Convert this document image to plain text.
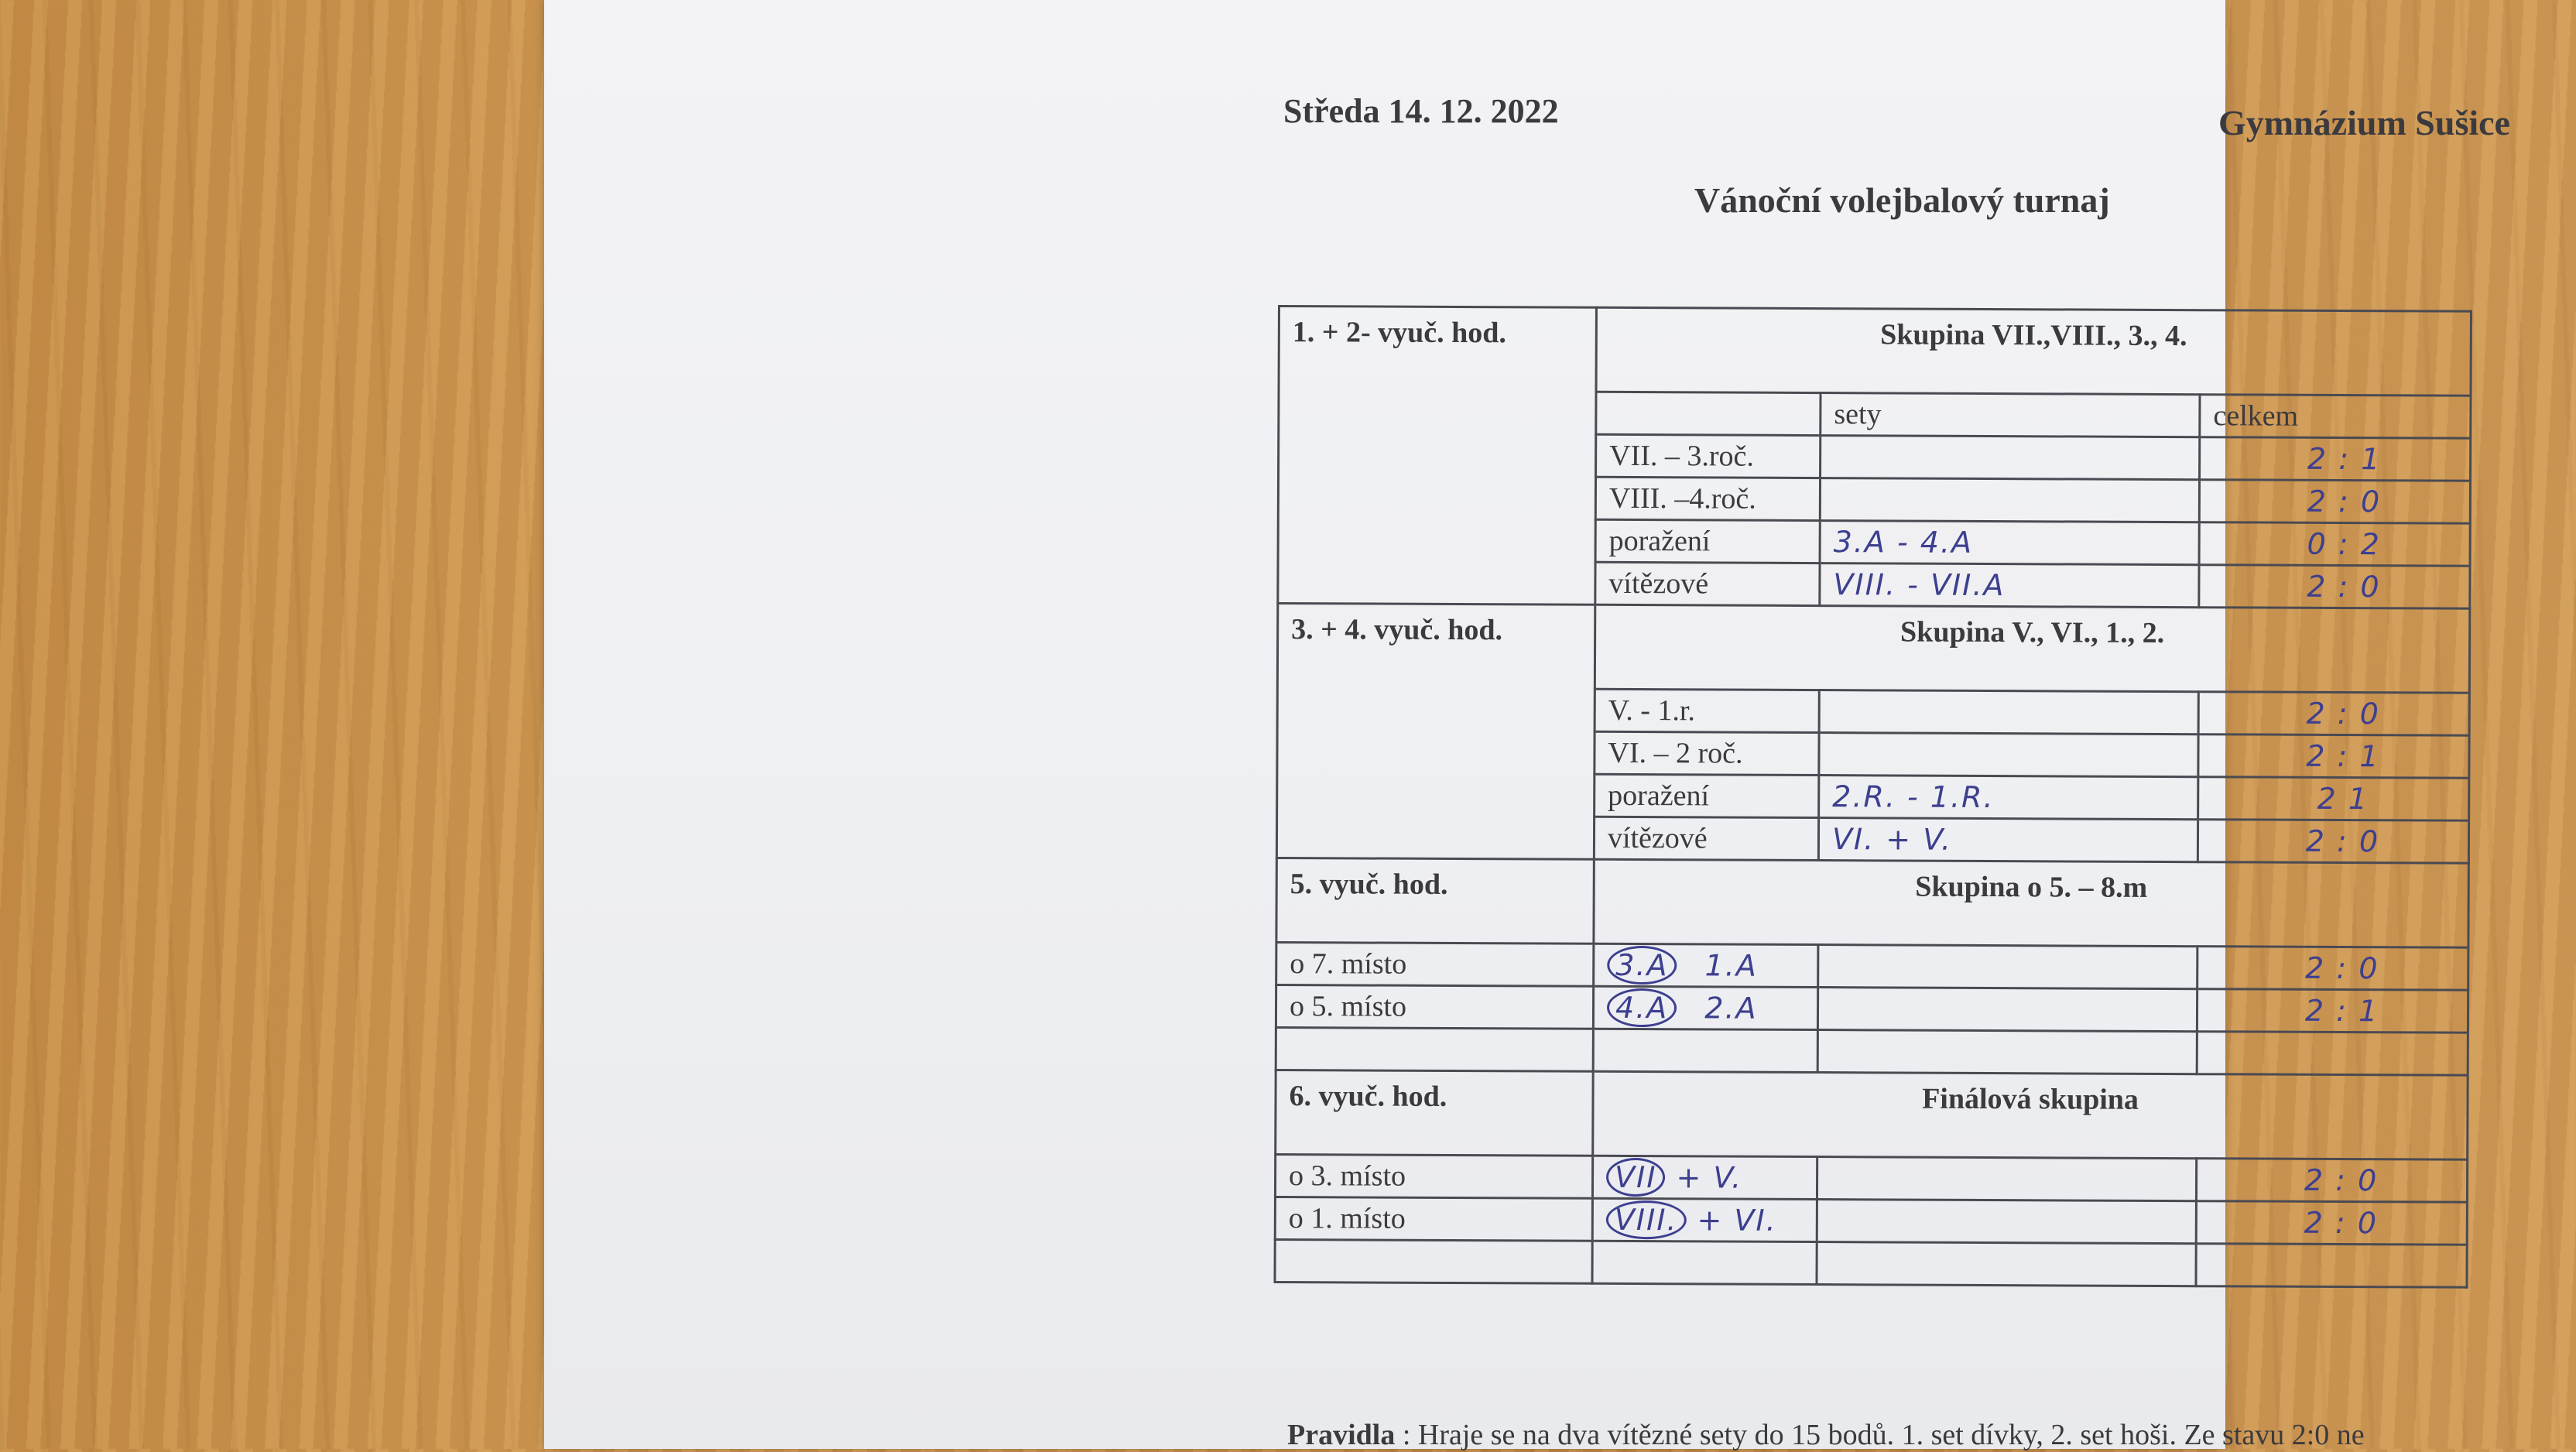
Středa 14. 12. 2022	Gymnázium Sušice
Vánoční volejbalový turnaj
1. + 2- vyuč. hod.	Skupina VII.,VIII., 3., 4.		
		sety	celkem
	VII. – 3.roč.		2 : 1
	VIII. –4.roč.		2 : 0
	poražení	3.A - 4.A	0 : 2
	vítězové	VIII. - VII.A	2 : 0
3. + 4. vyuč. hod.	Skupina V., VI., 1., 2.		
	V. - 1.r.		2 : 0
	VI. – 2 roč.		2 : 1
	poražení	2.R. - 1.R.	2 1
	vítězové	VI. + V.	2 : 0
5. vyuč. hod.	Skupina o 5. – 8.m		
o 7. místo	3.A 1.A		2 : 0
o 5. místo	4.A 2.A		2 : 1

6. vyuč. hod.	Finálová skupina		
o 3. místo	VII + V.		2 : 0
o 1. místo	VIII. + VI.		2 : 0

Pravidla : Hraje se na dva vítězné sety do 15 bodů. 1. set dívky, 2. set hoši. Ze stavu 2:0 ne
